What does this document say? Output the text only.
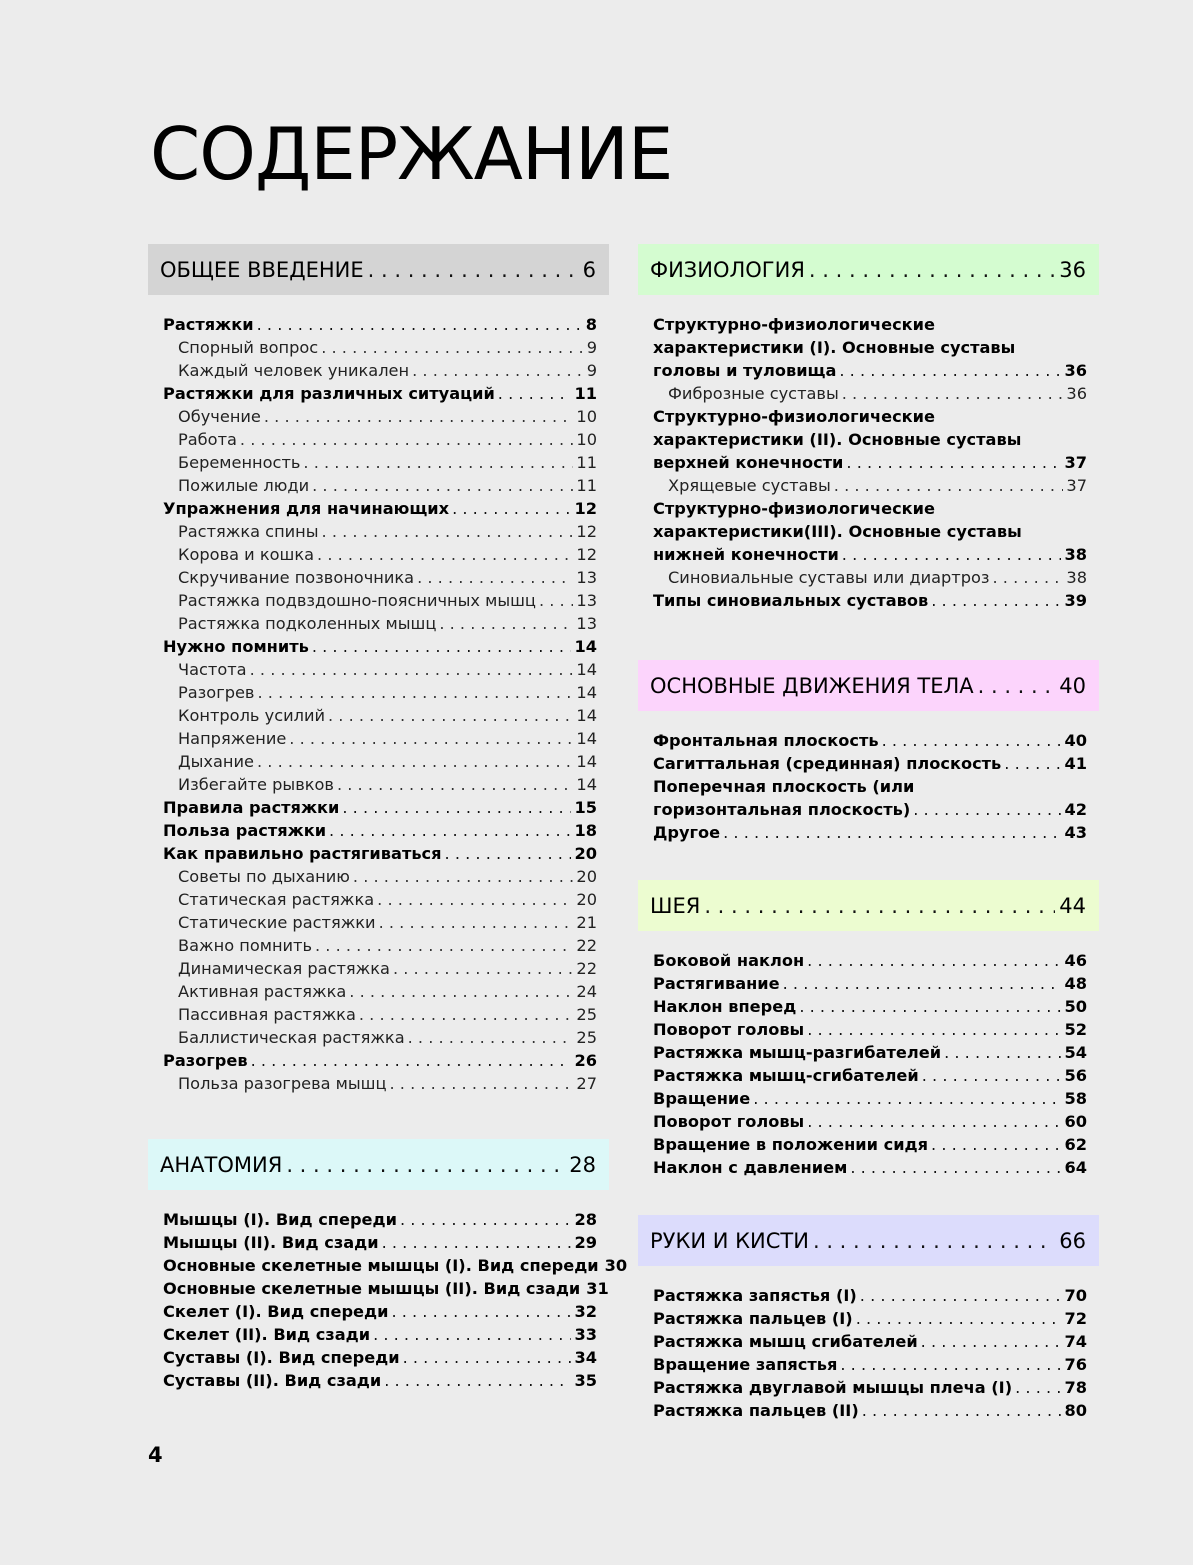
СОДЕРЖАНИЕ
ОБЩЕЕ ВВЕДЕНИЕ . . .	6
Растяжки . . .	8
Спорный вопрос . . .	9
Каждый человек уникален . . .	9
Растяжки для различных ситуаций . . .	11
Обучение . . .	10
Работа . . .	10
Беременность . . .	11
Пожилые люди . . .	11
Упражнения для начинающих . . .	12
Растяжка спины . . .	12
Корова и кошка . . .	12
Скручивание позвоночника . . .	13
Растяжка подвздошно-поясничных мышц . . . 13
Растяжка подколенных мышц . . .	13
Нужно помнить . . .	14
Частота . . .	14
Разогрев . . .	14
Контроль усилий . . .	14
Напряжение . . .	14
Дыхание . . .	14
Избегайте рывков . . .	14
Правила растяжки . . .	15
Польза растяжки . . .	18
Как правильно растягиваться . . .	20
Советы по дыханию . . .	20
Статическая растяжка . . .	20
Статические растяжки . . .	21
Важно помнить . . .	22
Динамическая растяжка . . .	22
Активная растяжка . . .	24
Пассивная растяжка . . .	25
Баллистическая растяжка . . .	25
Разогрев . . .	26
Польза разогрева мышц . . .	27
АНАТОМИЯ . . .	28
Мышцы (I). Вид спереди . . .	28
Мышцы (II). Вид сзади . . .	29
Основные скелетные мышцы (I). Вид спереди 30
Основные скелетные мышцы (II). Вид сзади 31
Скелет (I). Вид спереди . . .	32
Скелет (II). Вид сзади . . .	33
Суставы (I). Вид спереди . . .	34
Суставы (II). Вид сзади . . .	35
ФИЗИОЛОГИЯ . . .	36
Структурно-физиологические
характеристики (I). Основные суставы
головы и туловища . . .	36
Фиброзные суставы . . .	36
Структурно-физиологические
характеристики (II). Основные суставы
верхней конечности . . .	37
Хрящевые суставы . . .	37
Структурно-физиологические
характеристики(III). Основные суставы
нижней конечности . . .	38
Синовиальные суставы или диартроз . . .	38
Типы синовиальных суставов . . .	39
ОСНОВНЫЕ ДВИЖЕНИЯ ТЕЛА . . .	40
Фронтальная плоскость . . .	40
Сагиттальная (срединная) плоскость . . .	41
Поперечная плоскость (или
горизонтальная плоскость) . . .	42
Другое . . .	43
ШЕЯ . . .	44
Боковой наклон . . .	46
Растягивание . . .	48
Наклон вперед . . .	50
Поворот головы . . .	52
Растяжка мышц-разгибателей . . .	54
Растяжка мышц-сгибателей . . .	56
Вращение . . .	58
Поворот головы . . .	60
Вращение в положении сидя . . .	62
Наклон с давлением . . .	64
РУКИ И КИСТИ . . .	66
Растяжка запястья (I) . . .	70
Растяжка пальцев (I) . . .	72
Растяжка мышц сгибателей . . .	74
Вращение запястья . . .	76
Растяжка двуглавой мышцы плеча (I) . . .	78
Растяжка пальцев (II) . . .	80
4
